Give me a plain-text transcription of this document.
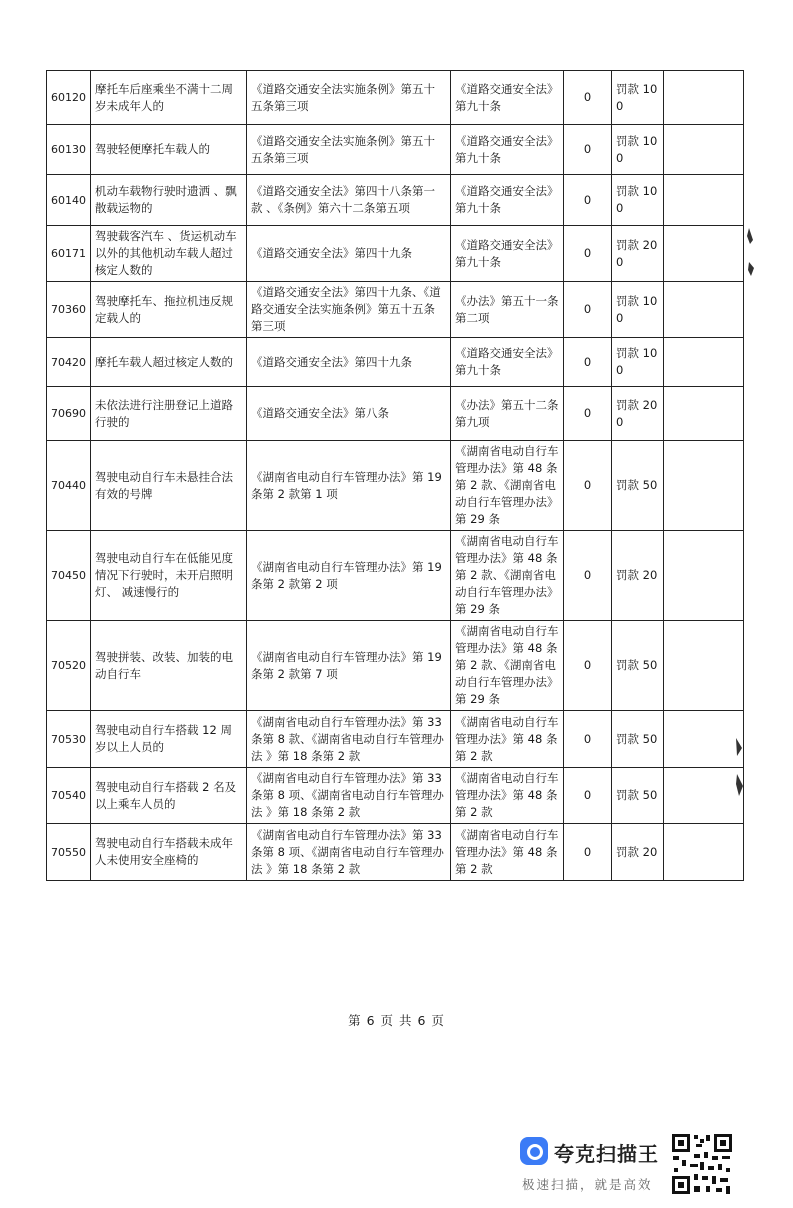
60120	摩托车后座乘坐不满十二周岁未成年人的	《道路交通安全法实施条例》第五十五条第三项	《道路交通安全法》第九十条	0	罚款 100	
60130	驾驶轻便摩托车载人的	《道路交通安全法实施条例》第五十五条第三项	《道路交通安全法》第九十条	0	罚款 100	
60140	机动车载物行驶时遗洒 、飘散载运物的	《道路交通安全法》第四十八条第一款 、《条例》第六十二条第五项	《道路交通安全法》第九十条	0	罚款 100	
60171	驾驶载客汽车 、货运机动车以外的其他机动车载人超过核定人数的	《道路交通安全法》第四十九条	《道路交通安全法》第九十条	0	罚款 200	
70360	驾驶摩托车、拖拉机违反规定载人的	《道路交通安全法》第四十九条、《道路交通安全法实施条例》第五十五条第三项	《办法》第五十一条第二项	0	罚款 100	
70420	摩托车载人超过核定人数的	《道路交通安全法》第四十九条	《道路交通安全法》第九十条	0	罚款 100	
70690	未依法进行注册登记上道路行驶的	《道路交通安全法》第八条	《办法》第五十二条第九项	0	罚款 200	
70440	驾驶电动自行车未悬挂合法有效的号牌	《湖南省电动自行车管理办法》第 19 条第 2 款第 1 项	《湖南省电动自行车管理办法》第 48 条第 2 款、《湖南省电动自行车管理办法》第 29 条	0	罚款 50	
70450	驾驶电动自行车在低能见度情况下行驶时，未开启照明灯、 减速慢行的	《湖南省电动自行车管理办法》第 19 条第 2 款第 2 项	《湖南省电动自行车管理办法》第 48 条第 2 款、《湖南省电动自行车管理办法》第 29 条	0	罚款 20	
70520	驾驶拼装、改装、加装的电动自行车	《湖南省电动自行车管理办法》第 19 条第 2 款第 7 项	《湖南省电动自行车管理办法》第 48 条第 2 款、《湖南省电动自行车管理办法》第 29 条	0	罚款 50	
70530	驾驶电动自行车搭载 12 周岁以上人员的	《湖南省电动自行车管理办法》第 33 条第 8 款、《湖南省电动自行车管理办法 》第 18 条第 2 款	《湖南省电动自行车管理办法》第 48 条第 2 款	0	罚款 50	
70540	驾驶电动自行车搭载 2 名及以上乘车人员的	《湖南省电动自行车管理办法》第 33 条第 8 项、《湖南省电动自行车管理办法 》第 18 条第 2 款	《湖南省电动自行车管理办法》第 48 条第 2 款	0	罚款 50	
70550	驾驶电动自行车搭载未成年人未使用安全座椅的	《湖南省电动自行车管理办法》第 33 条第 8 项、《湖南省电动自行车管理办法 》第 18 条第 2 款	《湖南省电动自行车管理办法》第 48 条第 2 款	0	罚款 20	
第 6 页 共 6 页
夸克扫描王
极速扫描，就是高效
